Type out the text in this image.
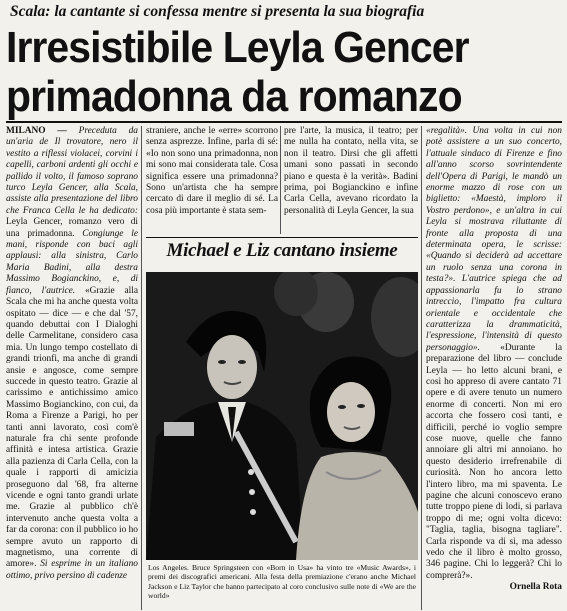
Scala: la cantante si confessa mentre si presenta la sua biografia
Irresistibile Leyla Gencer
primadonna da romanzo

MILANO — Preceduta da un'aria de Il trovatore, nero il vestito a riflessi violacei, corvini i capelli, carboni ardenti gli occhi e pallido il volto, il famoso soprano turco Leyla Gencer, alla Scala, assiste alla presentazione del libro che Franca Cella le ha dedicato: Leyla Gencer, romanzo vero di una primadonna. Congiunge le mani, risponde con baci agli applausi: alla sinistra, Carlo Maria Badini, alla destra Massimo Bogianckino, e, di fianco, l'autrice. «Grazie alla Scala che mi ha anche questa volta ospitato — dice — e che dal '57, quando debuttai con I Dialoghi delle Carmelitane, considero casa mia. Un lungo tempo costellato di grandi trionfi, ma anche di grandi ansie e angosce, come sempre succede in questo teatro. Grazie al carissimo e antichissimo amico Massimo Bogianckino, con cui, da Roma a Firenze a Parigi, ho per tanti anni lavorato, così com'è naturale fra chi sente profonde affinità e intesa artistica. Grazie alla pazienza di Carla Cella, con la quale i rapporti di amicizia proseguono dal '68, fra alterne vicende e ogni tanto grandi urlate me. Grazie al pubblico ch'è intervenuto anche questa volta a far da corona: con il pubblico io ho sempre avuto un rapporto di magnetismo, una corrente di amore». Si esprime in un italiano ottimo, privo persino di cadenze

straniere, anche le «erre» scorrono senza asprezze. Infine, parla di sé: «Io non sono una primadonna, non mi sono mai considerata tale. Cosa significa essere una primadonna? Sono un'artista che ha sempre cercato di dare il meglio di sé. La cosa più importante è stata sem-

pre l'arte, la musica, il teatro; per me nulla ha contato, nella vita, se non il teatro. Dirsi che gli affetti umani sono passati in secondo piano e questa è la verità». Badini prima, poi Bogianckino e infine Carla Cella, avevano ricordato la personalità di Leyla Gencer, la sua

Michael e Liz cantano insieme
Los Angeles. Bruce Springsteen con «Born in Usa» ha vinto tre «Music Awards», i premi dei discografici americani. Alla festa della premiazione c'erano anche Michael Jackson e Liz Taylor che hanno partecipato al coro conclusivo sulle note di «We are the world»

«regalità». Una volta in cui non potè assistere a un suo concerto, l'attuale sindaco di Firenze e fino all'anno scorso sovrintendente dell'Opera di Parigi, le mandò un enorme mazzo di rose con un biglietto: «Maestà, imploro il Vostro perdono», e un'altra in cui Leyla si mostrava riluttante di fronte alla proposta di una determinata opera, le scrisse: «Quando si deciderà ad accettare un ruolo senza una corona in testa?». L'autrice spiega che ad appassionarla fu lo strano intreccio, l'impatto fra cultura orientale e occidentale che caratterizza la drammaticità, l'espressione, l'intensità di questo personaggio». «Durante la preparazione del libro — conclude Leyla — ho letto alcuni brani, e così ho appreso di avere cantato 71 opere e di avere tenuto un numero enorme di concerti. Non mi ero accorta che fossero così tanti, e difficili, perché io voglio sempre cose nuove, quelle che fanno annoiare gli altri mi annoiano. ho questo desiderio irrefrenabile di curiosità. Non ho ancora letto l'intero libro, ma mi spaventa. Le pagine che alcuni conoscevo erano tutte troppo piene di lodi, si parlava troppo di me; ogni volta dicevo: "Taglia, taglia, bisogna tagliare". Carla risponde va di sì, ma adesso vedo che il libro è molto grosso, 346 pagine. Chi lo leggerà? Chi lo comprerà?».

Ornella Rota
